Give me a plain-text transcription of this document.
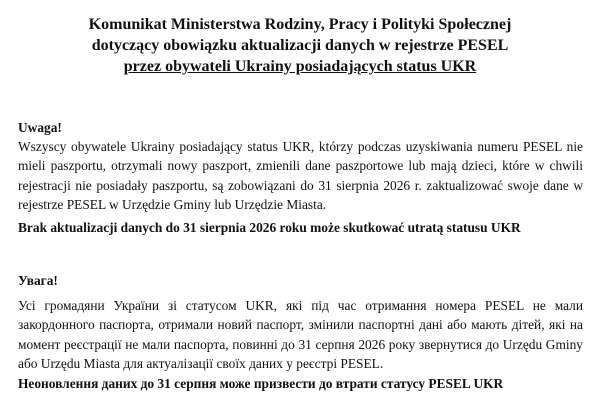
Komunikat Ministerstwa Rodziny, Pracy i Polityki Społecznej
dotyczący obowiązku aktualizacji danych w rejestrze PESEL
przez obywateli Ukrainy posiadających status UKR
Uwaga!
Wszyscy obywatele Ukrainy posiadający status UKR, którzy podczas uzyskiwania numeru PESEL nie mieli paszportu, otrzymali nowy paszport, zmienili dane paszportowe lub mają dzieci, które w chwili rejestracji nie posiadały paszportu, są zobowiązani do 31 sierpnia 2026 r. zaktualizować swoje dane w rejestrze PESEL w Urzędzie Gminy lub Urzędzie Miasta.
Brak aktualizacji danych do 31 sierpnia 2026 roku może skutkować utratą statusu UKR
Увага!
Усі громадяни України зі статусом UKR, які під час отримання номера PESEL не мали закордонного паспорта, отримали новий паспорт, змінили паспортні дані або мають дітей, які на момент реєстрації не мали паспорта, повинні до 31 серпня 2026 року звернутися до Urzędu Gminy або Urzędu Miasta для актуалізації своїх даних у реєстрі PESEL.
Неоновлення даних до 31 серпня може призвести до втрати статусу PESEL UKR
